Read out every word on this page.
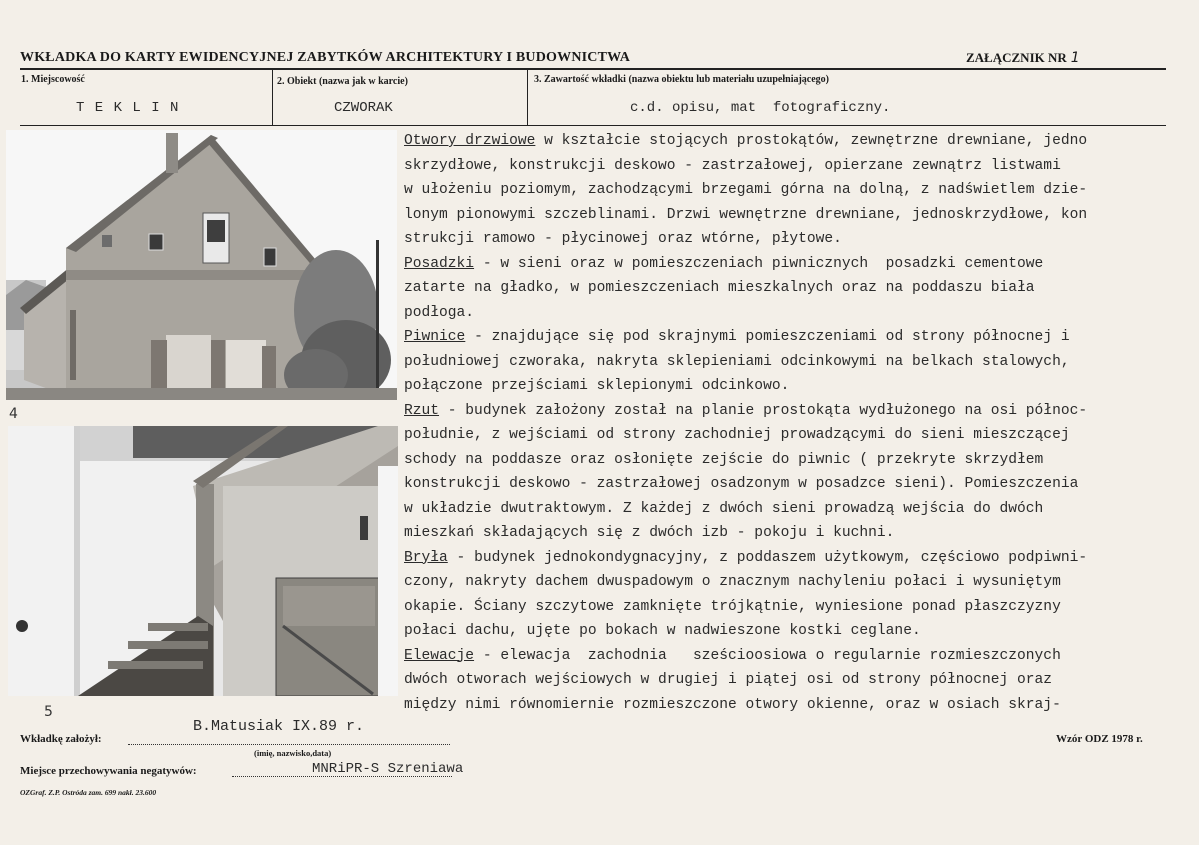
WKŁADKA DO KARTY EWIDENCYJNEJ ZABYTKÓW ARCHITEKTURY I BUDOWNICTWA	ZAŁĄCZNIK NR 1
1. Miejscowość
T E K L I N
2. Obiekt (nazwa jak w karcie)
CZWORAK
3. Zawartość wkładki (nazwa obiektu lub materiału uzupełniającego)
c.d. opisu, mat  fotograficzny.
4
5
Otwory drzwiowe w kształcie stojących prostokątów, zewnętrzne drewniane, jedno
skrzydłowe, konstrukcji deskowo - zastrzałowej, opierzane zewnątrz listwami
w ułożeniu poziomym, zachodzącymi brzegami górna na dolną, z nadświetlem dzie-
lonym pionowymi szczeblinami. Drzwi wewnętrzne drewniane, jednoskrzydłowe, kon
strukcji ramowo - płycinowej oraz wtórne, płytowe.
Posadzki - w sieni oraz w pomieszczeniach piwnicznych  posadzki cementowe
zatarte na gładko, w pomieszczeniach mieszkalnych oraz na poddaszu biała
podłoga.
Piwnice - znajdujące się pod skrajnymi pomieszczeniami od strony północnej i
południowej czworaka, nakryta sklepieniami odcinkowymi na belkach stalowych,
połączone przejściami sklepionymi odcinkowo.
Rzut - budynek założony został na planie prostokąta wydłużonego na osi północ-
południe, z wejściami od strony zachodniej prowadzącymi do sieni mieszczącej
schody na poddasze oraz osłonięte zejście do piwnic ( przekryte skrzydłem
konstrukcji deskowo - zastrzałowej osadzonym w posadzce sieni). Pomieszczenia
w układzie dwutraktowym. Z każdej z dwóch sieni prowadzą wejścia do dwóch
mieszkań składających się z dwóch izb - pokoju i kuchni.
Bryła - budynek jednokondygnacyjny, z poddaszem użytkowym, częściowo podpiwni-
czony, nakryty dachem dwuspadowym o znacznym nachyleniu połaci i wysuniętym
okapie. Ściany szczytowe zamknięte trójkątnie, wyniesione ponad płaszczyzny
połaci dachu, ujęte po bokach w nadwieszone kostki ceglane.
Elewacje - elewacja  zachodnia   sześcioosiowa o regularnie rozmieszczonych
dwóch otworach wejściowych w drugiej i piątej osi od strony północnej oraz
między nimi równomiernie rozmieszczone otwory okienne, oraz w osiach skraj-
Wkładkę założył:
B.Matusiak IX.89 r.
(imię, nazwisko,data)
Wzór ODZ 1978 r.
Miejsce przechowywania negatywów:	MNRiPR-S Szreniawa
OZGraf. Z.P. Ostróda zam. 699 nakł. 23.600
